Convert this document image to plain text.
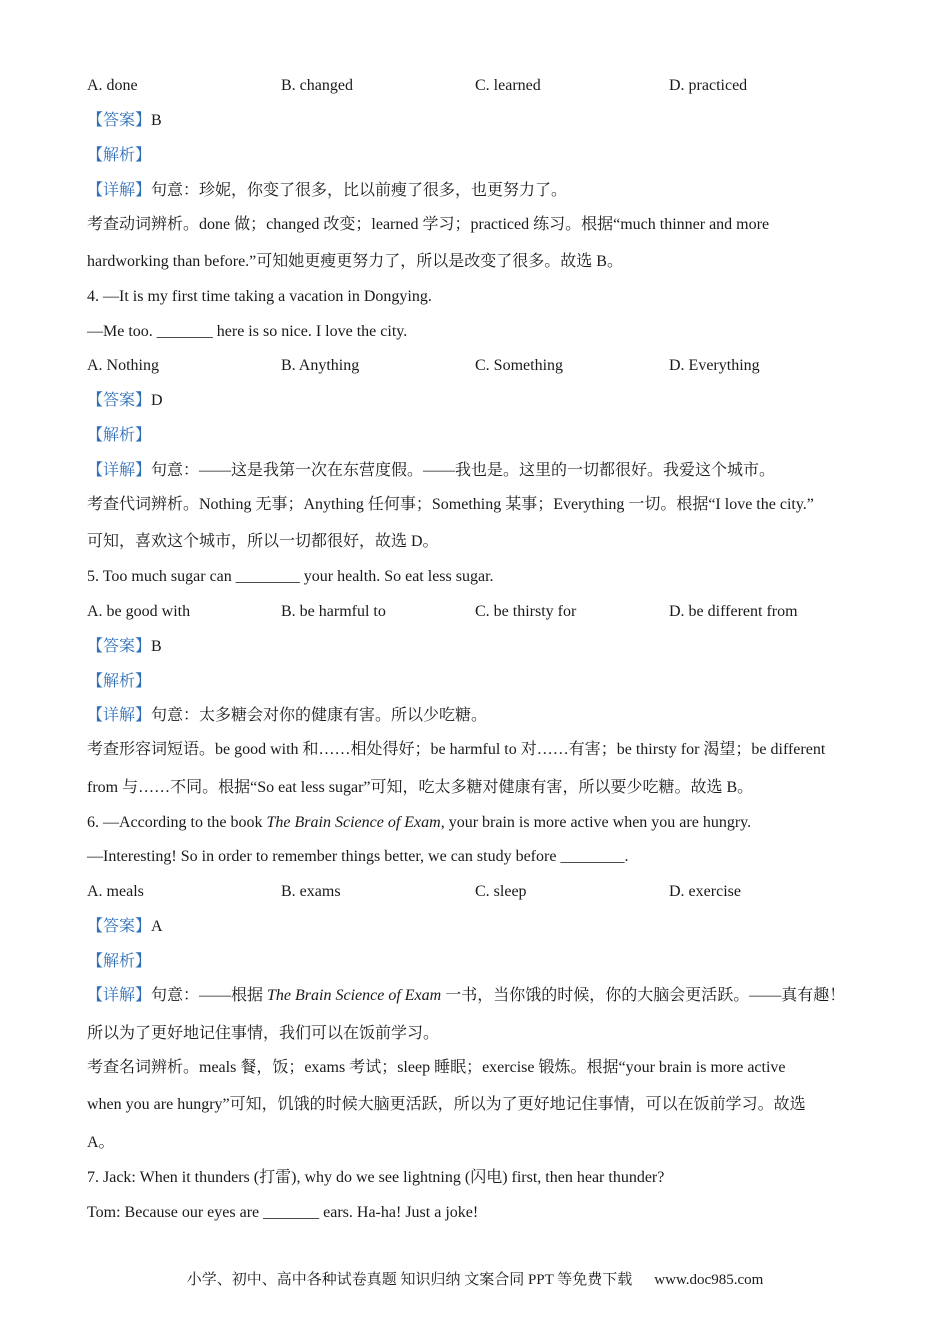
A. done	B. changed	C. learned	D. practiced
【答案】B
【解析】
【详解】句意：珍妮，你变了很多，比以前瘦了很多，也更努力了。
考查动词辨析。done 做；changed 改变；learned 学习；practiced 练习。根据“much thinner and more
hardworking than before.”可知她更瘦更努力了，所以是改变了很多。故选 B。
4. —It is my first time taking a vacation in Dongying.
—Me too. _______ here is so nice. I love the city.
A. Nothing	B. Anything	C. Something	D. Everything
【答案】D
【解析】
【详解】句意：——这是我第一次在东营度假。——我也是。这里的一切都很好。我爱这个城市。
考查代词辨析。Nothing 无事；Anything 任何事；Something 某事；Everything 一切。根据“I love the city.”
可知，喜欢这个城市，所以一切都很好，故选 D。
5. Too much sugar can ________ your health. So eat less sugar.
A. be good with	B. be harmful to	C. be thirsty for	D. be different from
【答案】B
【解析】
【详解】句意：太多糖会对你的健康有害。所以少吃糖。
考查形容词短语。be good with 和……相处得好；be harmful to 对……有害；be thirsty for 渴望；be different
from 与……不同。根据“So eat less sugar”可知，吃太多糖对健康有害，所以要少吃糖。故选 B。
6. —According to the book The Brain Science of Exam, your brain is more active when you are hungry.
—Interesting! So in order to remember things better, we can study before ________.
A. meals	B. exams	C. sleep	D. exercise
【答案】A
【解析】
【详解】句意：——根据 The Brain Science of Exam 一书，当你饿的时候，你的大脑会更活跃。——真有趣！
所以为了更好地记住事情，我们可以在饭前学习。
考查名词辨析。meals 餐，饭；exams 考试；sleep 睡眠；exercise 锻炼。根据“your brain is more active
when you are hungry”可知，饥饿的时候大脑更活跃，所以为了更好地记住事情，可以在饭前学习。故选
A。
7. Jack: When it thunders (打雷), why do we see lightning (闪电) first, then hear thunder?
Tom: Because our eyes are _______ ears. Ha-ha! Just a joke!
小学、初中、高中各种试卷真题 知识归纳 文案合同 PPT 等免费下载 www.doc985.com
